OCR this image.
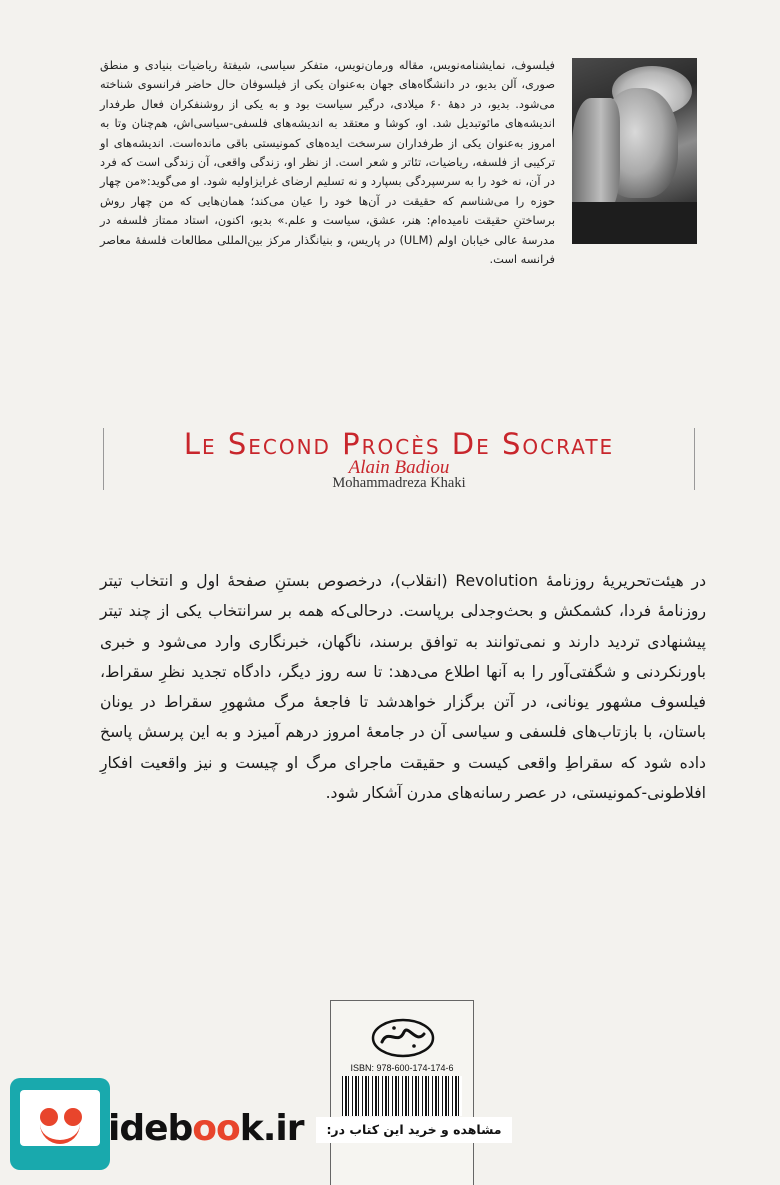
فیلسوف، نمایشنامه‌نویس، مقاله‌ ورمان‌نویس، متفکر سیاسی، شیفتهٔ ریاضیات بنیادی و منطق صوری، آلن بدیو، در دانشگاه‌های جهان به‌عنوان یکی از فیلسوفان حال حاضر فرانسوی شناخته می‌شود. بدیو، در دههٔ ۶۰ میلادی، درگیر سیاست بود و به یکی از روشنفکران فعال طرفدار اندیشه‌های مائوتبدیل شد. او، کوشا و معتقد به اندیشه‌های فلسفی-سیاسی‌اش، هم‌چنان وتا به امروز به‌عنوان یکی از طرفداران سرسخت ایده‌های کمونیستی باقی مانده‌است. اندیشه‌های او ترکیبی از فلسفه، ریاضیات، تئاتر و شعر است. از نظر او، زندگی واقعی، آن زندگی است که فرد در آن، نه خود را به سرسپردگی بسپارد و نه تسلیم ارضای غرایزاولیه شود. او می‌گوید:«من چهار حوزه را می‌شناسم که حقیقت در آن‌ها خود را عیان می‌کند؛ همان‌هایی که من چهار روش برساختنِ حقیقت نامیده‌ام: هنر، عشق، سیاست و علم.» بدیو، اکنون، استاد ممتاز فلسفه در مدرسهٔ عالی خیابان اولم (ULM) در پاریس، و بنیانگذار مرکز بین‌المللی مطالعات فلسفهٔ معاصر فرانسه است.

Le Second Procès De Socrate
Alain Badiou
Mohammadreza Khaki

در هیئت‌تحریریهٔ روزنامهٔ Revolution (انقلاب)، درخصوص بستنِ صفحهٔ اول و انتخاب تیتر روزنامهٔ فردا، کشمکش و بحث‌وجدلی برپاست. درحالی‌که همه بر سرانتخاب یکی از چند تیتر پیشنهادی تردید دارند و نمی‌توانند به توافق برسند، ناگهان، خبرنگاری وارد می‌شود و خبری باورنکردنی و شگفتی‌آور را به آنها اطلاع می‌دهد: تا سه روز دیگر، دادگاه تجدید نظرِ سقراط، فیلسوف مشهور یونانی، در آتن برگزار خواهدشد تا فاجعهٔ مرگ مشهورِ سقراط در یونان باستان، با بازتاب‌های فلسفی و سیاسی آن در جامعهٔ امروز درهم آمیزد و به این پرسش پاسخ داده شود که سقراطِ واقعی کیست و حقیقت ماجرای مرگ او چیست و نیز واقعیت افکارِ افلاطونی-کمونیستی، در عصر رسانه‌های مدرن آشکار شود.

ISBN: 978-600-174-174-6
idebook.ir	مشاهده و خرید این کتاب در:
